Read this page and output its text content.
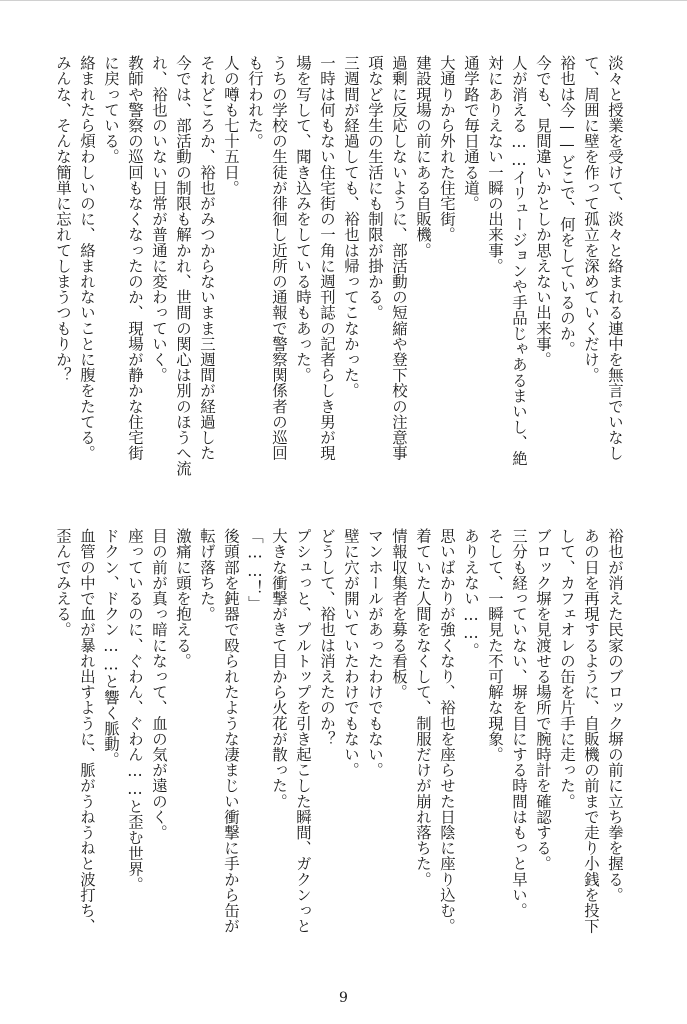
淡々と授業を受けて、淡々と絡まれる連中を無言でいなし

て、周囲に壁を作って孤立を深めていくだけ。

裕也は今——どこで、何をしているのか。

今でも、見間違いかとしか思えない出来事。

人が消える……イリュージョンや手品じゃあるまいし、絶

対にありえない一瞬の出来事。

通学路で毎日通る道。

大通りから外れた住宅街。

建設現場の前にある自販機。

過剰に反応しないように、部活動の短縮や登下校の注意事

項など学生の生活にも制限が掛かる。

三週間が経過しても、裕也は帰ってこなかった。

一時は何もない住宅街の一角に週刊誌の記者らしき男が現

場を写して、聞き込みをしている時もあった。

うちの学校の生徒が徘徊し近所の通報で警察関係者の巡回

も行われた。

人の噂も七十五日。

それどころか、裕也がみつからないまま三週間が経過した

今では、部活動の制限も解かれ、世間の関心は別のほうへ流

れ、裕也のいない日常が普通に変わっていく。

教師や警察の巡回もなくなったのか、現場が静かな住宅街

に戻っている。

絡まれたら煩わしいのに、絡まれないことに腹をたてる。

みんな、そんな簡単に忘れてしまうつもりか？

裕也が消えた民家のブロック塀の前に立ち拳を握る。

あの日を再現するように、自販機の前まで走り小銭を投下

して、カフェオレの缶を片手に走った。

ブロック塀を見渡せる場所で腕時計を確認する。

三分も経っていない、塀を目にする時間はもっと早い。

そして、一瞬見た不可解な現象。

ありえない……。

思いばかりが強くなり、裕也を座らせた日陰に座り込む。

着ていた人間をなくして、制服だけが崩れ落ちた。

情報収集者を募る看板。

マンホールがあったわけでもない。

壁に穴が開いていたわけでもない。

どうして、裕也は消えたのか？

プシュっと、プルトップを引き起こした瞬間、ガクンっと

大きな衝撃がきて目から火花が散った。

「……！」

後頭部を鈍器で殴られたような凄まじい衝撃に手から缶が

転げ落ちた。

激痛に頭を抱える。

目の前が真っ暗になって、血の気が遠のく。

座っているのに、ぐわん、ぐわん……と歪む世界。

ドクン、ドクン……と響く脈動。

血管の中で血が暴れ出すように、脈がうねうねと波打ち、

歪んでみえる。

9
